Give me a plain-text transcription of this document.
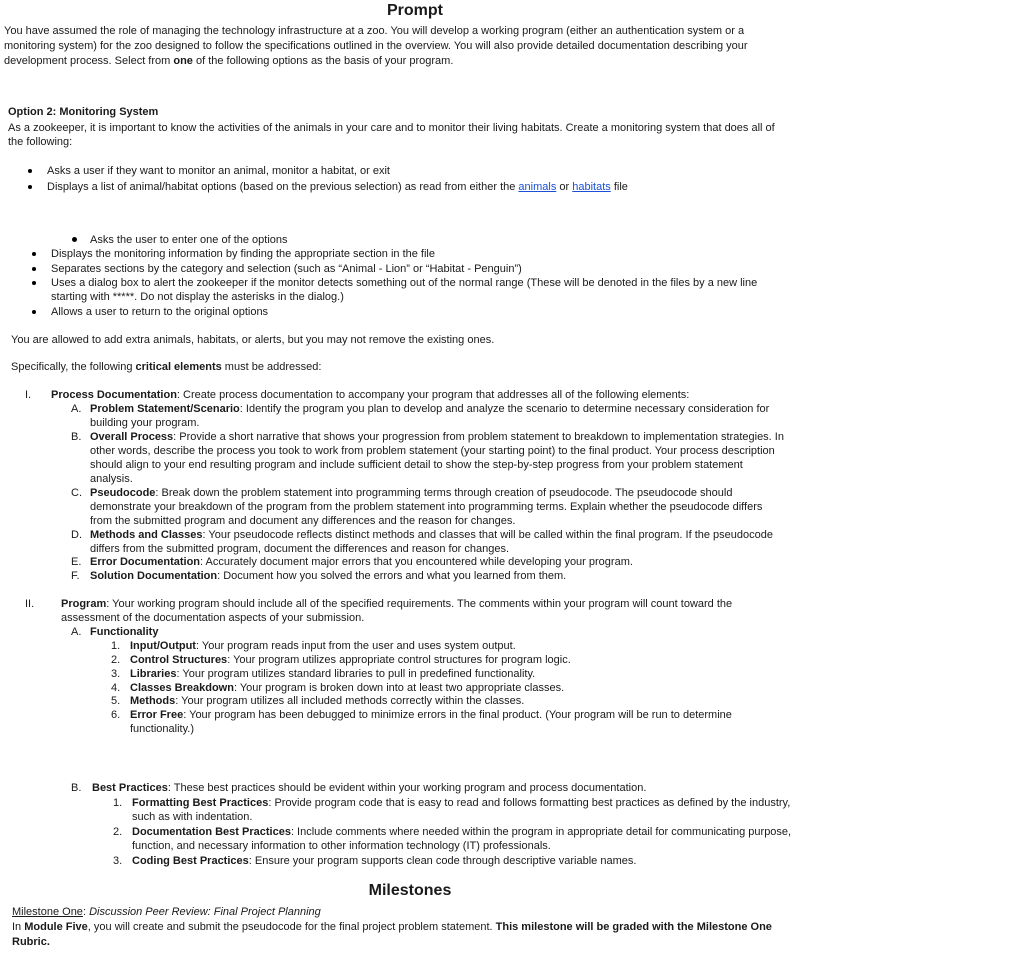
Prompt

You have assumed the role of managing the technology infrastructure at a zoo. You will develop a working program (either an authentication system or a

monitoring system) for the zoo designed to follow the specifications outlined in the overview. You will also provide detailed documentation describing your

development process. Select from one of the following options as the basis of your program.

Option 2: Monitoring System

As a zookeeper, it is important to know the activities of the animals in your care and to monitor their living habitats. Create a monitoring system that does all of

the following:

Asks a user if they want to monitor an animal, monitor a habitat, or exit

Displays a list of animal/habitat options (based on the previous selection) as read from either the animals or habitats file

Asks the user to enter one of the options

Displays the monitoring information by finding the appropriate section in the file

Separates sections by the category and selection (such as “Animal - Lion” or “Habitat - Penguin”)

Uses a dialog box to alert the zookeeper if the monitor detects something out of the normal range (These will be denoted in the files by a new line

starting with *****. Do not display the asterisks in the dialog.)

Allows a user to return to the original options

You are allowed to add extra animals, habitats, or alerts, but you may not remove the existing ones.

Specifically, the following critical elements must be addressed:

I. Process Documentation: Create process documentation to accompany your program that addresses all of the following elements:

A. Problem Statement/Scenario: Identify the program you plan to develop and analyze the scenario to determine necessary consideration for

building your program.

B. Overall Process: Provide a short narrative that shows your progression from problem statement to breakdown to implementation strategies. In

other words, describe the process you took to work from problem statement (your starting point) to the final product. Your process description

should align to your end resulting program and include sufficient detail to show the step-by-step progress from your problem statement

analysis.

C. Pseudocode: Break down the problem statement into programming terms through creation of pseudocode. The pseudocode should

demonstrate your breakdown of the program from the problem statement into programming terms. Explain whether the pseudocode differs

from the submitted program and document any differences and the reason for changes.

D. Methods and Classes: Your pseudocode reflects distinct methods and classes that will be called within the final program. If the pseudocode

differs from the submitted program, document the differences and reason for changes.

E. Error Documentation: Accurately document major errors that you encountered while developing your program.

F. Solution Documentation: Document how you solved the errors and what you learned from them.

II. Program: Your working program should include all of the specified requirements. The comments within your program will count toward the

assessment of the documentation aspects of your submission.

A. Functionality

1. Input/Output: Your program reads input from the user and uses system output.

2. Control Structures: Your program utilizes appropriate control structures for program logic.

3. Libraries: Your program utilizes standard libraries to pull in predefined functionality.

4. Classes Breakdown: Your program is broken down into at least two appropriate classes.

5. Methods: Your program utilizes all included methods correctly within the classes.

6. Error Free: Your program has been debugged to minimize errors in the final product. (Your program will be run to determine

functionality.)

B. Best Practices: These best practices should be evident within your working program and process documentation.

1. Formatting Best Practices: Provide program code that is easy to read and follows formatting best practices as defined by the industry,

such as with indentation.

2. Documentation Best Practices: Include comments where needed within the program in appropriate detail for communicating purpose,

function, and necessary information to other information technology (IT) professionals.

3. Coding Best Practices: Ensure your program supports clean code through descriptive variable names.

Milestones

Milestone One: Discussion Peer Review: Final Project Planning

In Module Five, you will create and submit the pseudocode for the final project problem statement. This milestone will be graded with the Milestone One

Rubric.
